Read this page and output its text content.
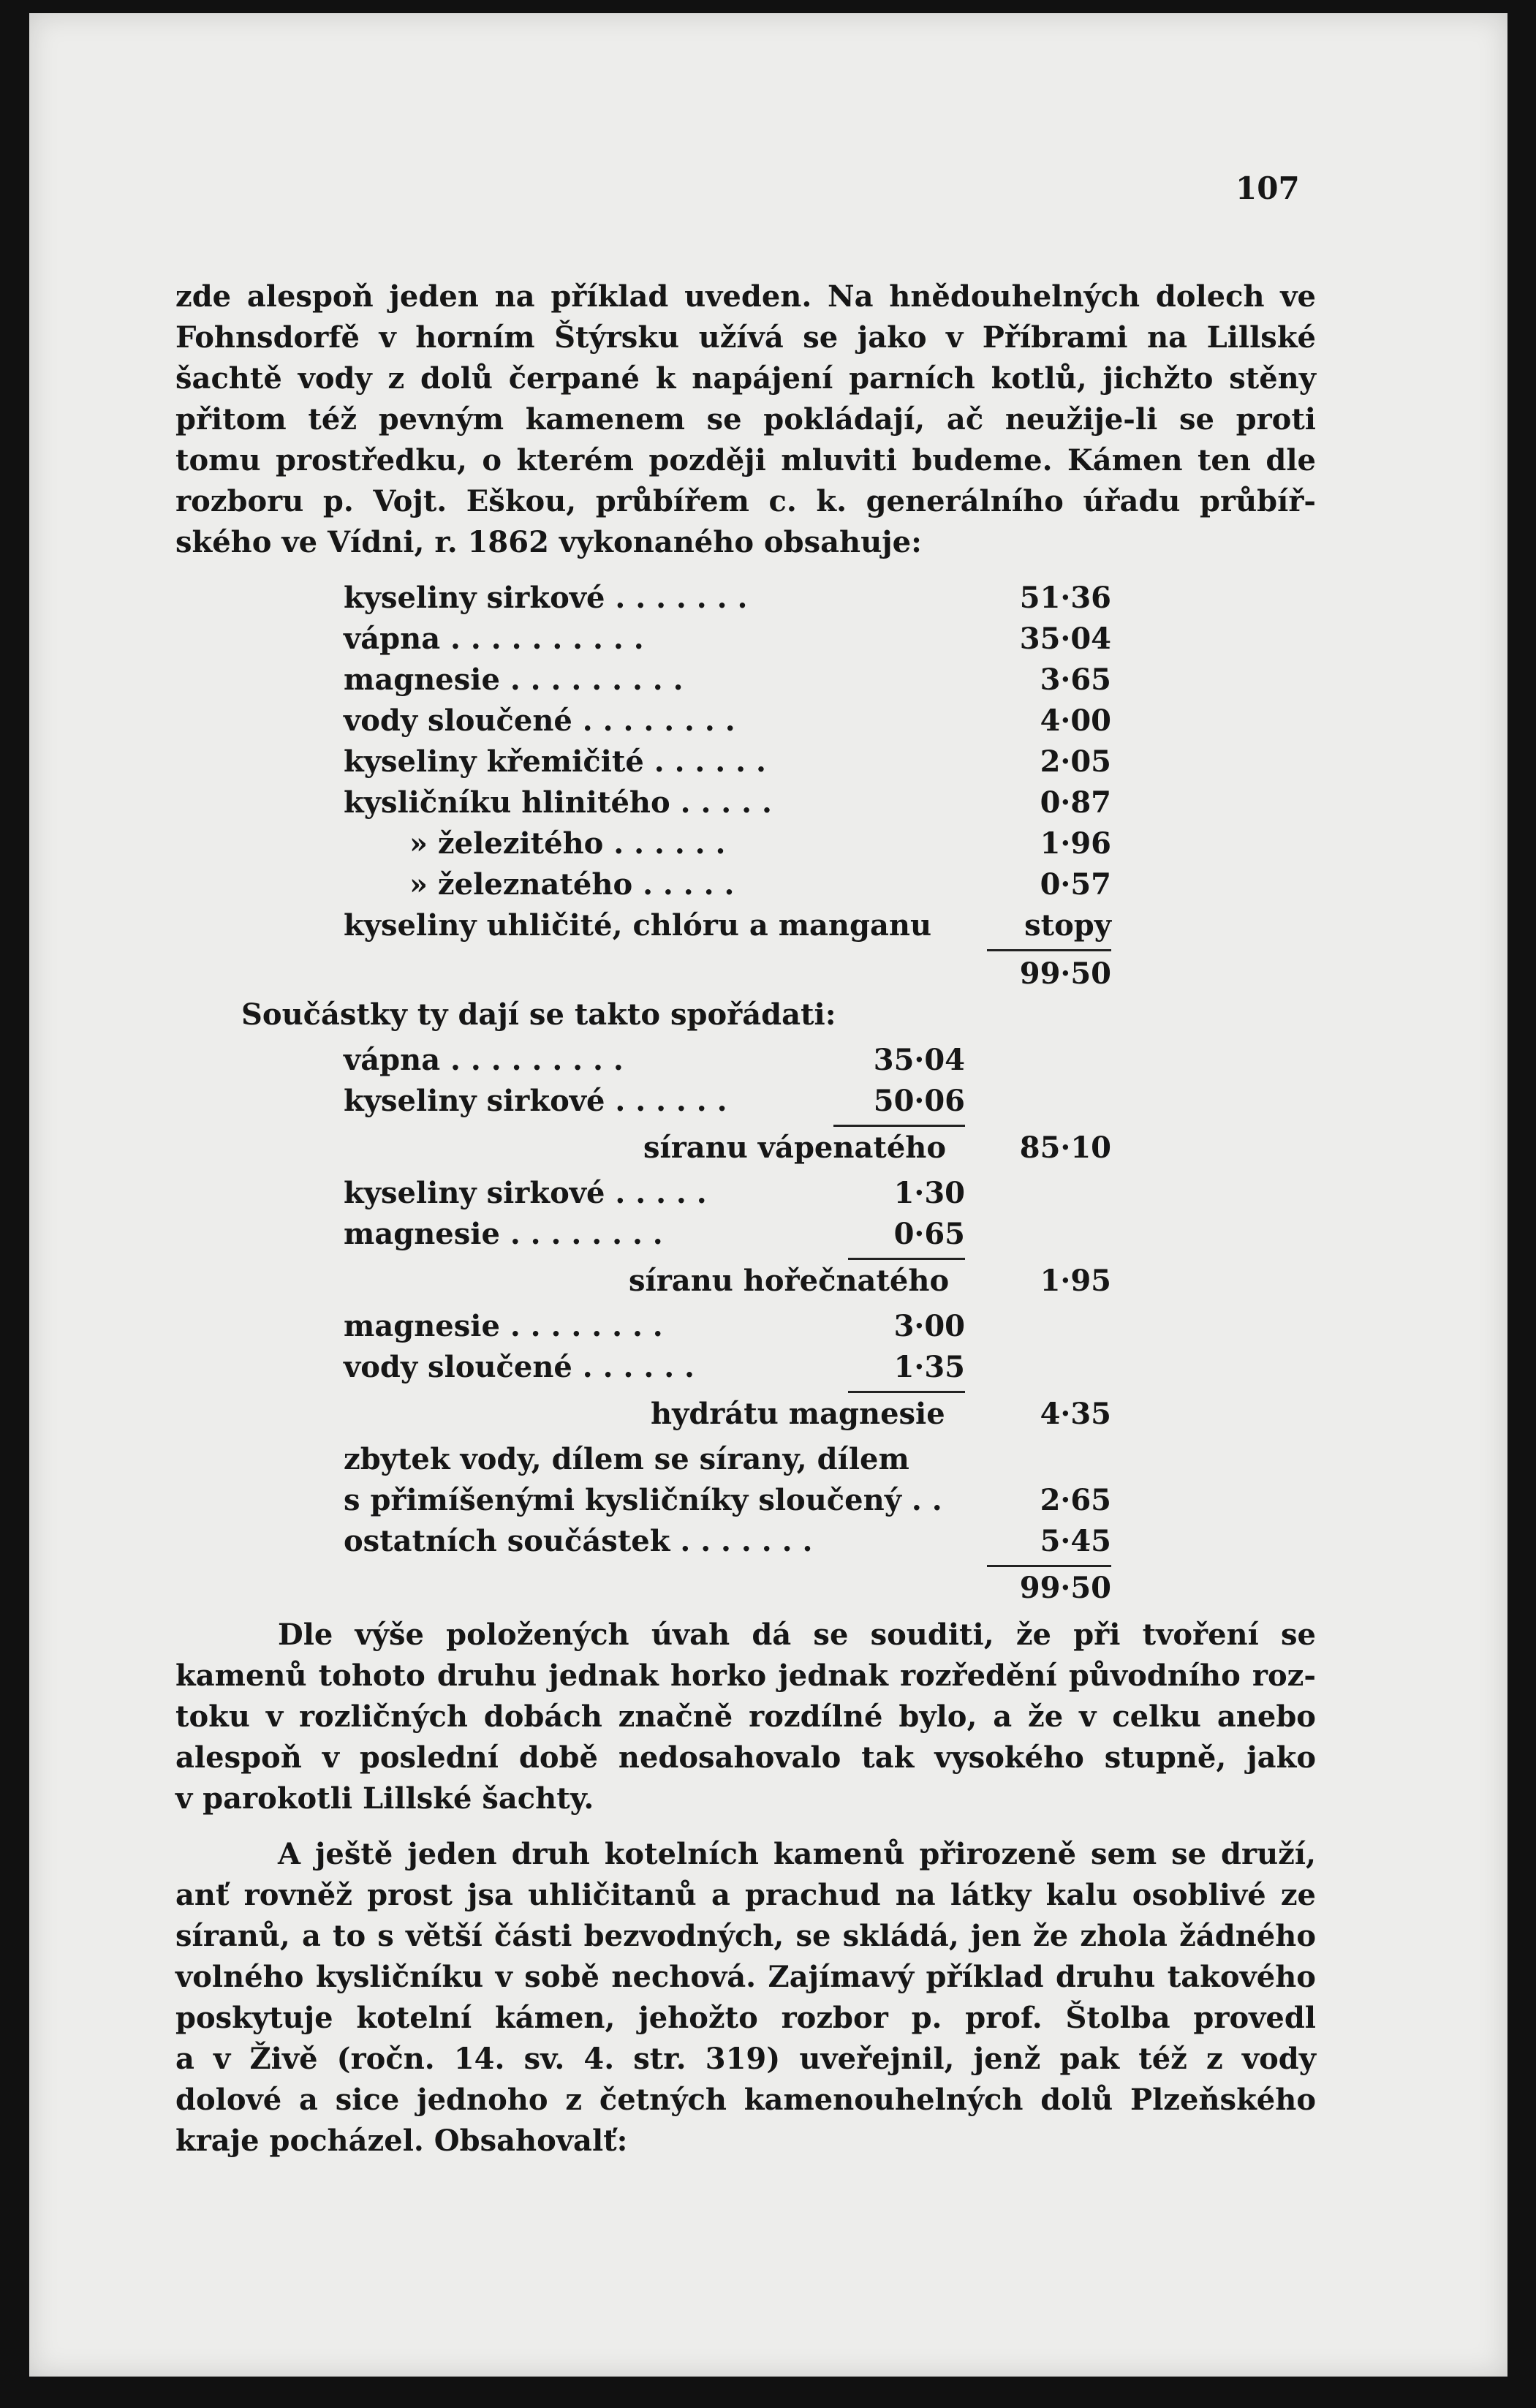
107
zde alespoň jeden na příklad uveden. Na hnědouhelných dolech ve
Fohnsdorfě v horním Štýrsku užívá se jako v Příbrami na Lillské
šachtě vody z dolů čerpané k napájení parních kotlů, jichžto stěny
přitom též pevným kamenem se pokládají, ač neužije-li se proti
tomu prostředku, o kterém později mluviti budeme. Kámen ten dle
rozboru p. Vojt. Eškou, průbířem c. k. generálního úřadu průbíř-
ského ve Vídni, r. 1862 vykonaného obsahuje:
kyseliny sirkové . . . . . . .	51·36
vápna . . . . . . . . . .	35·04
magnesie . . . . . . . . .	3·65
vody sloučené . . . . . . . .	4·00
kyseliny křemičité . . . . . .	2·05
kysličníku hlinitého . . . . .	0·87
» železitého . . . . . .	1·96
» železnatého . . . . .	0·57
kyseliny uhličité, chlóru a manganu	stopy
99·50
Součástky ty dají se takto spořádati:
vápna . . . . . . . . .	35·04
kyseliny sirkové . . . . . .	50·06
síranu vápenatého	85·10
kyseliny sirkové . . . . .	1·30
magnesie . . . . . . . .	0·65
síranu hořečnatého	1·95
magnesie . . . . . . . .	3·00
vody sloučené . . . . . .	1·35
hydrátu magnesie	4·35
zbytek vody, dílem se sírany, dílem
s přimíšenými kysličníky sloučený . .	2·65
ostatních součástek . . . . . . .	5·45
99·50
Dle výše položených úvah dá se souditi, že při tvoření se
kamenů tohoto druhu jednak horko jednak rozředění původního roz-
toku v rozličných dobách značně rozdílné bylo, a že v celku anebo
alespoň v poslední době nedosahovalo tak vysokého stupně, jako
v parokotli Lillské šachty.
A ještě jeden druh kotelních kamenů přirozeně sem se druží,
anť rovněž prost jsa uhličitanů a prachud na látky kalu osoblivé ze
síranů, a to s větší části bezvodných, se skládá, jen že zhola žádného
volného kysličníku v sobě nechová. Zajímavý příklad druhu takového
poskytuje kotelní kámen, jehožto rozbor p. prof. Štolba provedl
a v Živě (ročn. 14. sv. 4. str. 319) uveřejnil, jenž pak též z vody
dolové a sice jednoho z četných kamenouhelných dolů Plzeňského
kraje pocházel. Obsahovalť:
